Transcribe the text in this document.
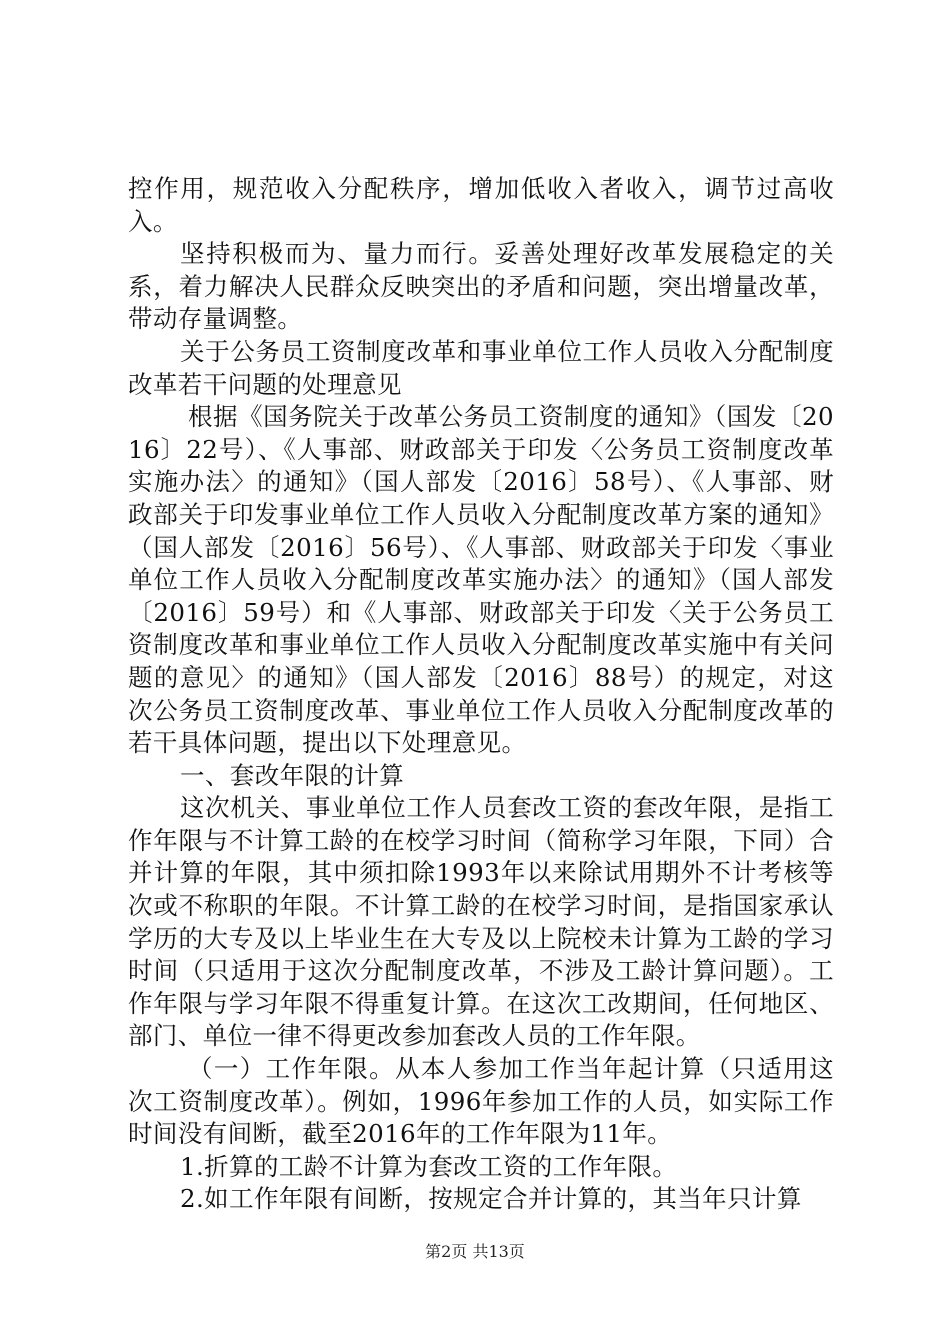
控作用，规范收入分配秩序，增加低收入者收入，调节过高收入。

坚持积极而为、量力而行。妥善处理好改革发展稳定的关系，着力解决人民群众反映突出的矛盾和问题，突出增量改革，带动存量调整。

关于公务员工资制度改革和事业单位工作人员收入分配制度改革若干问题的处理意见

根据《国务院关于改革公务员工资制度的通知》（国发〔2016〕22号）、《人事部、财政部关于印发〈公务员工资制度改革实施办法〉的通知》（国人部发〔2016〕58号）、《人事部、财政部关于印发事业单位工作人员收入分配制度改革方案的通知》（国人部发〔2016〕56号）、《人事部、财政部关于印发〈事业单位工作人员收入分配制度改革实施办法〉的通知》（国人部发〔2016〕59号）和《人事部、财政部关于印发〈关于公务员工资制度改革和事业单位工作人员收入分配制度改革实施中有关问题的意见〉的通知》（国人部发〔2016〕88号）的规定，对这次公务员工资制度改革、事业单位工作人员收入分配制度改革的若干具体问题，提出以下处理意见。

一、套改年限的计算

这次机关、事业单位工作人员套改工资的套改年限，是指工作年限与不计算工龄的在校学习时间（简称学习年限，下同）合并计算的年限，其中须扣除1993年以来除试用期外不计考核等次或不称职的年限。不计算工龄的在校学习时间，是指国家承认学历的大专及以上毕业生在大专及以上院校未计算为工龄的学习时间（只适用于这次分配制度改革，不涉及工龄计算问题）。工作年限与学习年限不得重复计算。在这次工改期间，任何地区、部门、单位一律不得更改参加套改人员的工作年限。

（一）工作年限。从本人参加工作当年起计算（只适用这次工资制度改革）。例如，1996年参加工作的人员，如实际工作时间没有间断，截至2016年的工作年限为11年。

1.折算的工龄不计算为套改工资的工作年限。

2.如工作年限有间断，按规定合并计算的，其当年只计算

第2页 共13页
